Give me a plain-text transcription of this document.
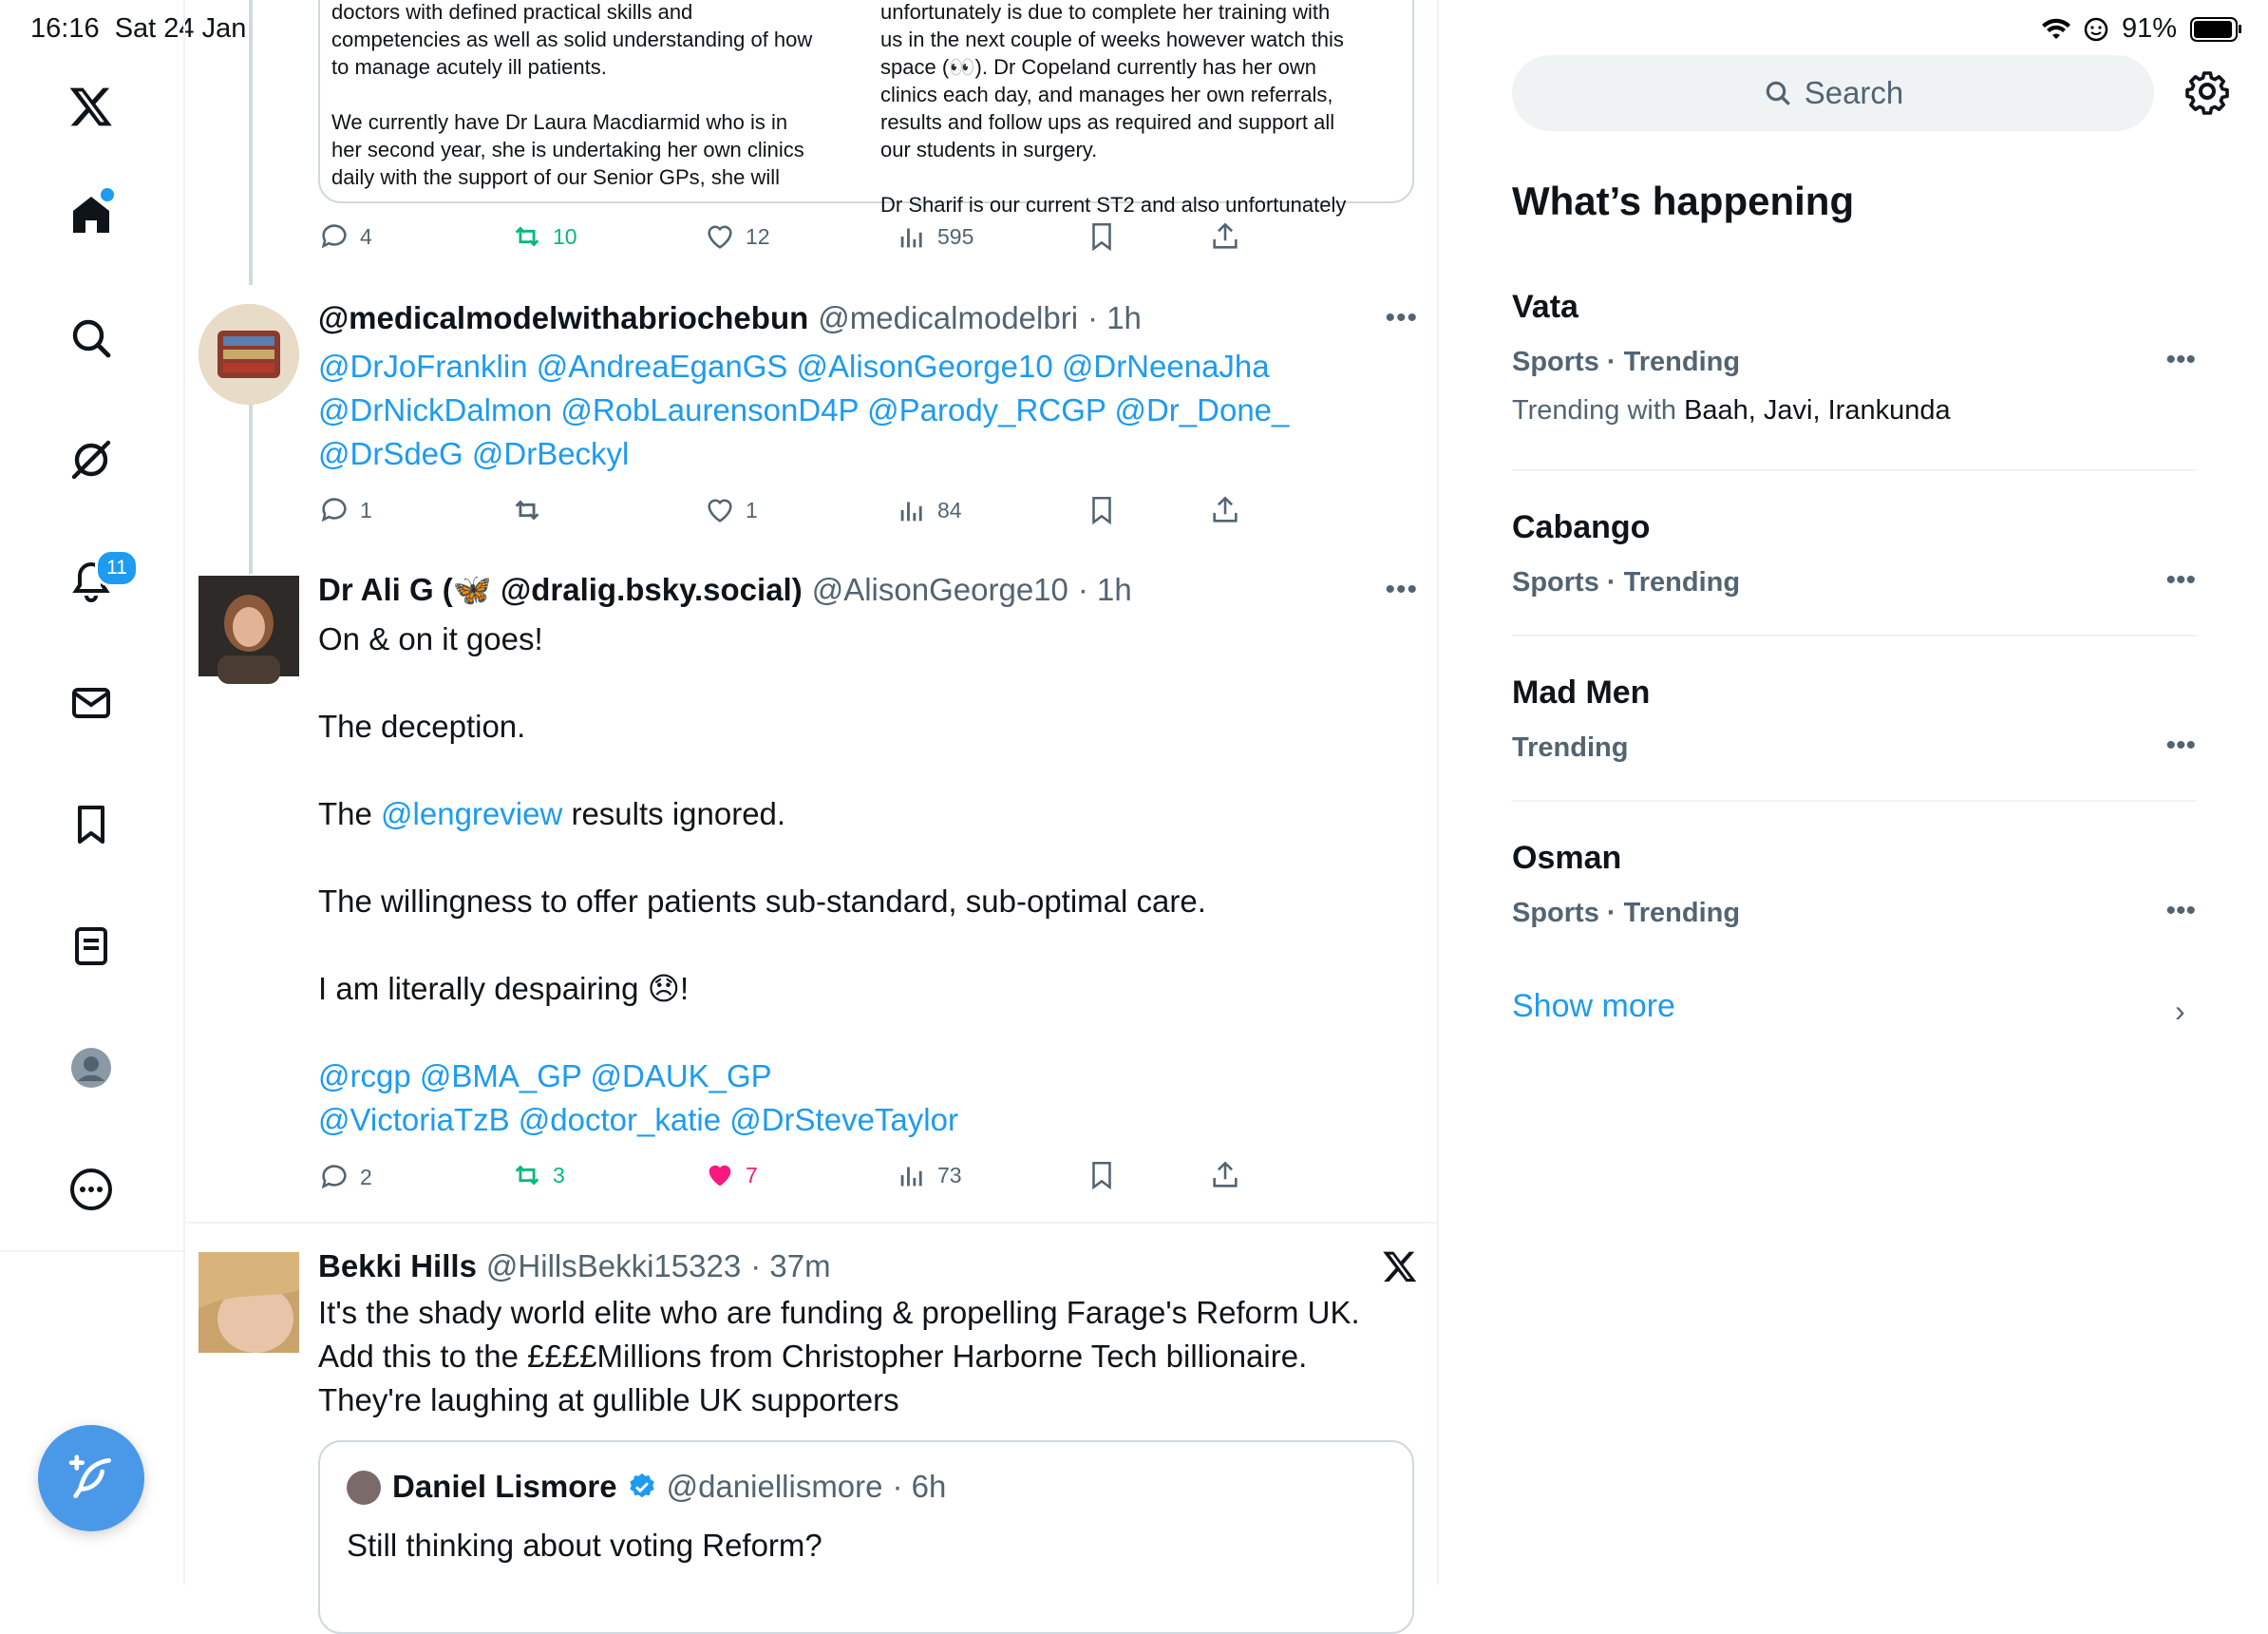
16:16 Sat 24 Jan	91%
11
doctors with defined practical skills and
competencies as well as solid understanding of how
to manage acutely ill patients.

We currently have Dr Laura Macdiarmid who is in
her second year, she is undertaking her own clinics
daily with the support of our Senior GPs, she will
unfortunately is due to complete her training with
us in the next couple of weeks however watch this
space (👀). Dr Copeland currently has her own
clinics each day, and manages her own referrals,
results and follow ups as required and support all
our students in surgery.

Dr Sharif is our current ST2 and also unfortunately
4	10	12	595
@medicalmodelwithabriochebun @medicalmodelbri · 1h	•••
@DrJoFranklin @AndreaEganGS @AlisonGeorge10 @DrNeenaJha
@DrNickDalmon @RobLaurensonD4P @Parody_RCGP @Dr_Done_
@DrSdeG @DrBeckyl
1	1	84
Dr Ali G (🦋 @dralig.bsky.social) @AlisonGeorge10 · 1h	•••
On & on it goes!
The deception.
The @lengreview results ignored.
The willingness to offer patients sub-standard, sub-optimal care.
I am literally despairing 😞!
@rcgp @BMA_GP @DAUK_GP
@VictoriaTzB @doctor_katie @DrSteveTaylor
2	3	7	73
Bekki Hills @HillsBekki15323 · 37m
It's the shady world elite who are funding & propelling Farage's Reform UK.
Add this to the ££££Millions from Christopher Harborne Tech billionaire.
They're laughing at gullible UK supporters
Daniel Lismore @daniellismore · 6h
Still thinking about voting Reform?
Search
What’s happening
Vata
Sports · Trending
Trending with Baah, Javi, Irankunda
•••
Cabango
Sports · Trending	•••
Mad Men
Trending	•••
Osman
Sports · Trending	•••
Show more	›
